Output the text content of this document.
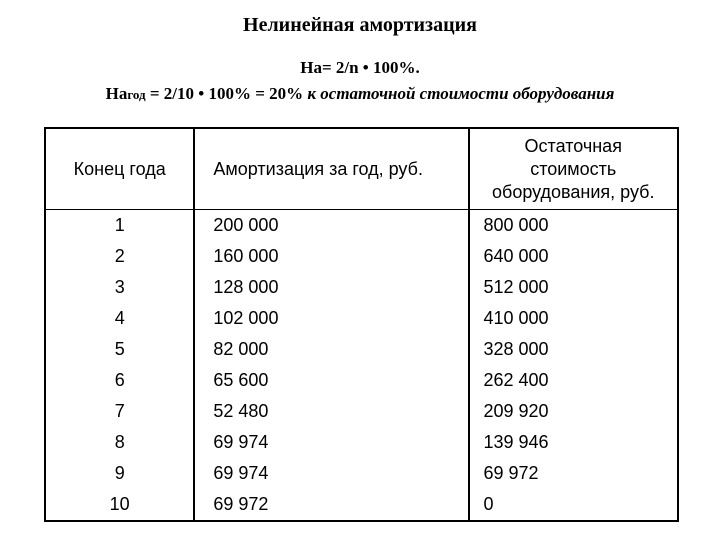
Нелинейная амортизация
На= 2/n • 100%.
Нагод = 2/10 • 100% = 20% к остаточной стоимости оборудования
Конец года	Амортизация за год, руб.	Остаточная
стоимость
оборудования, руб.

1	200 000	800 000
2	160 000	640 000
3	128 000	512 000
4	102 000	410 000
5	82 000	328 000
6	65 600	262 400
7	52 480	209 920
8	69 974	139 946
9	69 974	69 972
10	69 972	0
